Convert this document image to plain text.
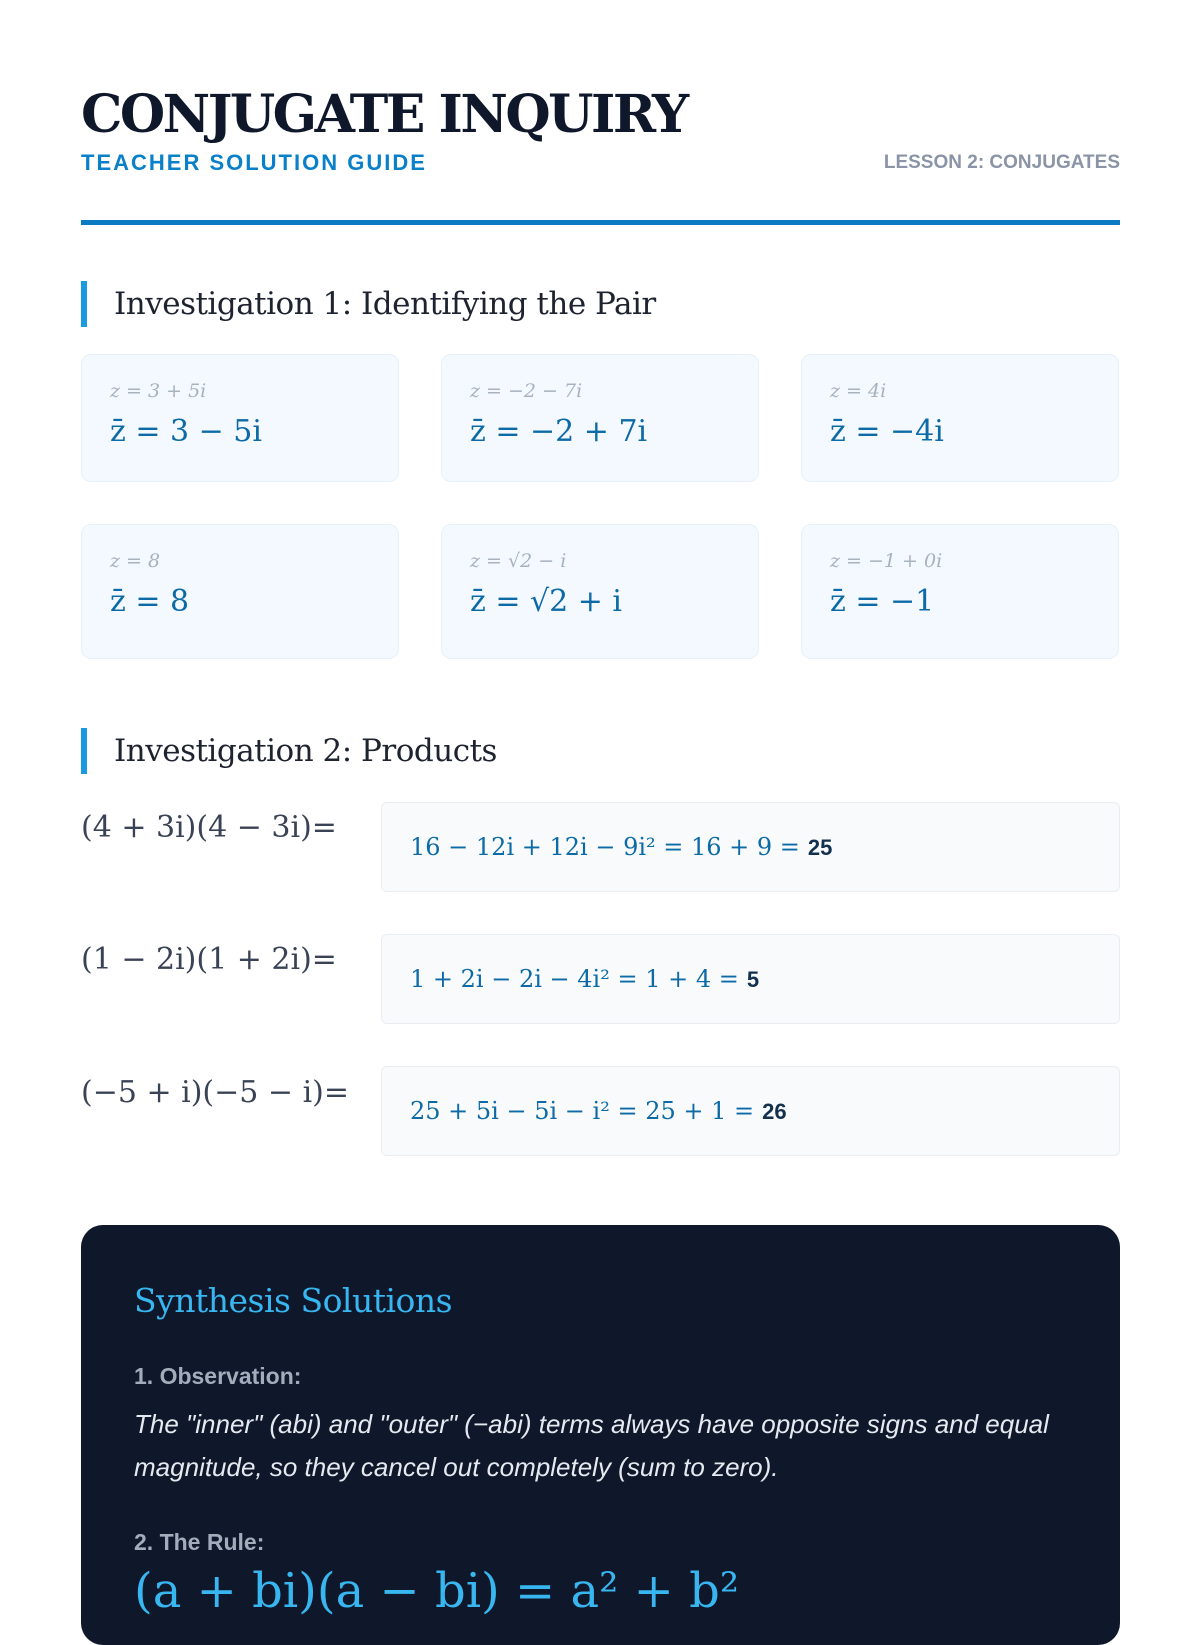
CONJUGATE INQUIRY
TEACHER SOLUTION GUIDE	LESSON 2: CONJUGATES
Investigation 1: Identifying the Pair
z = 3 + 5i
z̄ = 3 − 5i
z = −2 − 7i
z̄ = −2 + 7i
z = 4i
z̄ = −4i
z = 8
z̄ = 8
z = √2 − i
z̄ = √2 + i
z = −1 + 0i
z̄ = −1
Investigation 2: Products
(4 + 3i)(4 − 3i)=
16 − 12i + 12i − 9i² = 16 + 9 = 25
(1 − 2i)(1 + 2i)=
1 + 2i − 2i − 4i² = 1 + 4 = 5
(−5 + i)(−5 − i)=
25 + 5i − 5i − i² = 25 + 1 = 26
Synthesis Solutions
1. Observation:
The "inner" (abi) and "outer" (−abi) terms always have opposite signs and equal magnitude, so they cancel out completely (sum to zero).
2. The Rule:
(a + bi)(a − bi) = a² + b²
